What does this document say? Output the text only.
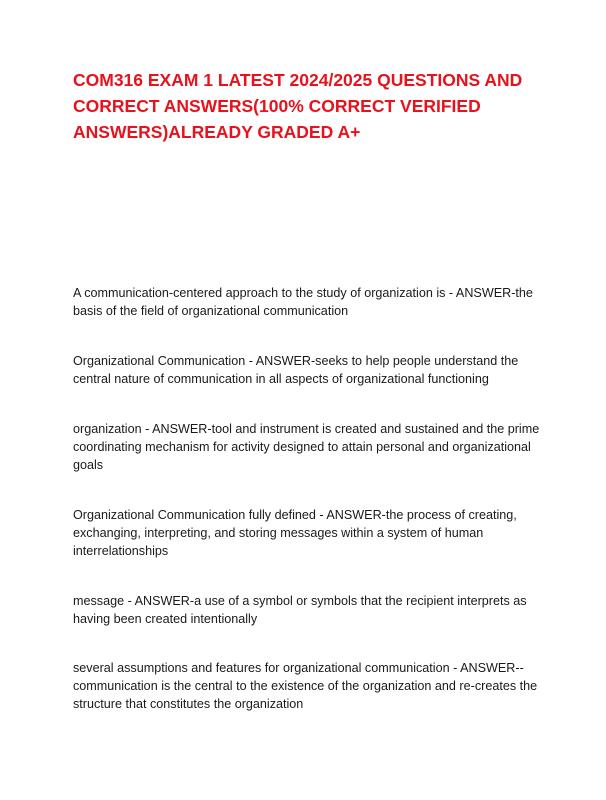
COM316 EXAM 1 LATEST 2024/2025 QUESTIONS AND CORRECT ANSWERS(100% CORRECT VERIFIED ANSWERS)ALREADY GRADED A+

A communication-centered approach to the study of organization is - ANSWER-the basis of the field of organizational communication

Organizational Communication - ANSWER-seeks to help people understand the central nature of communication in all aspects of organizational functioning

organization - ANSWER-tool and instrument is created and sustained and the prime coordinating mechanism for activity designed to attain personal and organizational goals

Organizational Communication fully defined - ANSWER-the process of creating, exchanging, interpreting, and storing messages within a system of human interrelationships

message - ANSWER-a use of a symbol or symbols that the recipient interprets as having been created intentionally

several assumptions and features for organizational communication - ANSWER--communication is the central to the existence of the organization and re-creates the structure that constitutes the organization
